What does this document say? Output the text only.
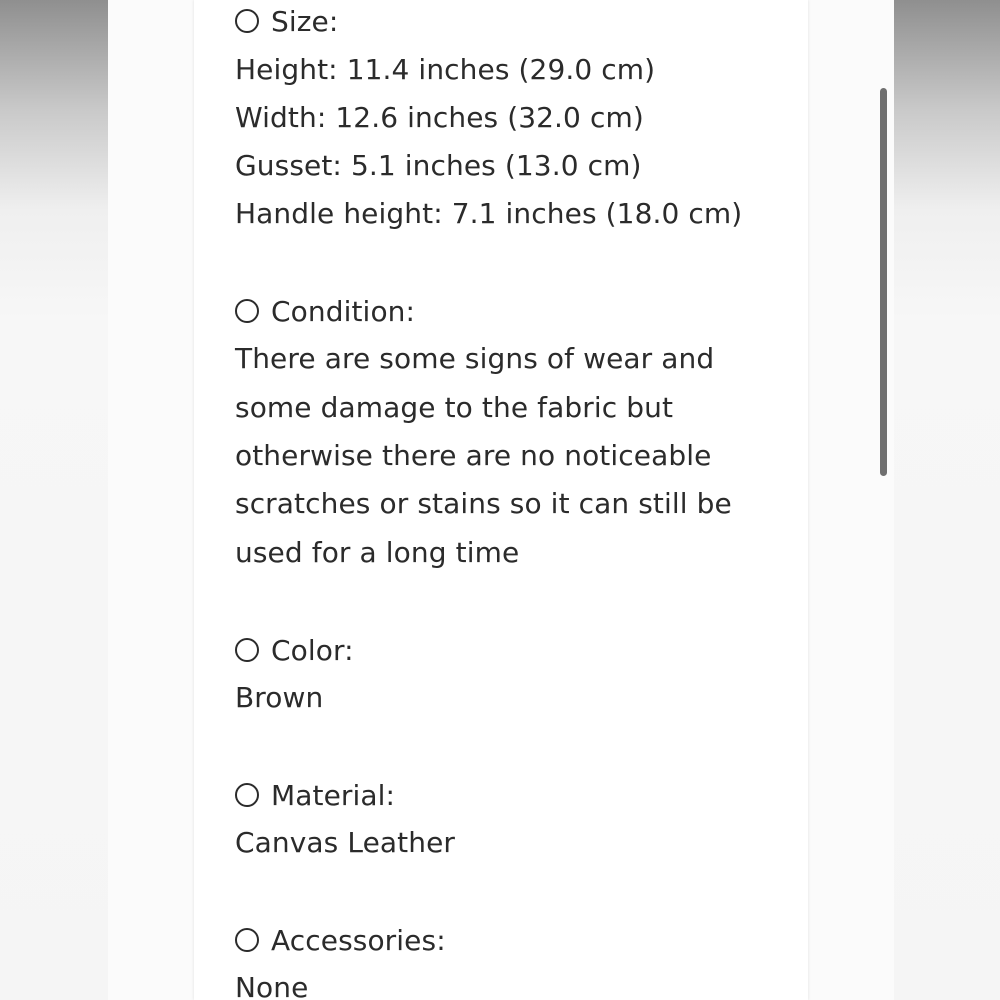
Size:
Height: 11.4 inches (29.0 cm)
Width: 12.6 inches (32.0 cm)
Gusset: 5.1 inches (13.0 cm)
Handle height: 7.1 inches (18.0 cm)
Condition:
There are some signs of wear and
some damage to the fabric but
otherwise there are no noticeable
scratches or stains so it can still be
used for a long time
Color:
Brown
Material:
Canvas Leather
Accessories:
None
